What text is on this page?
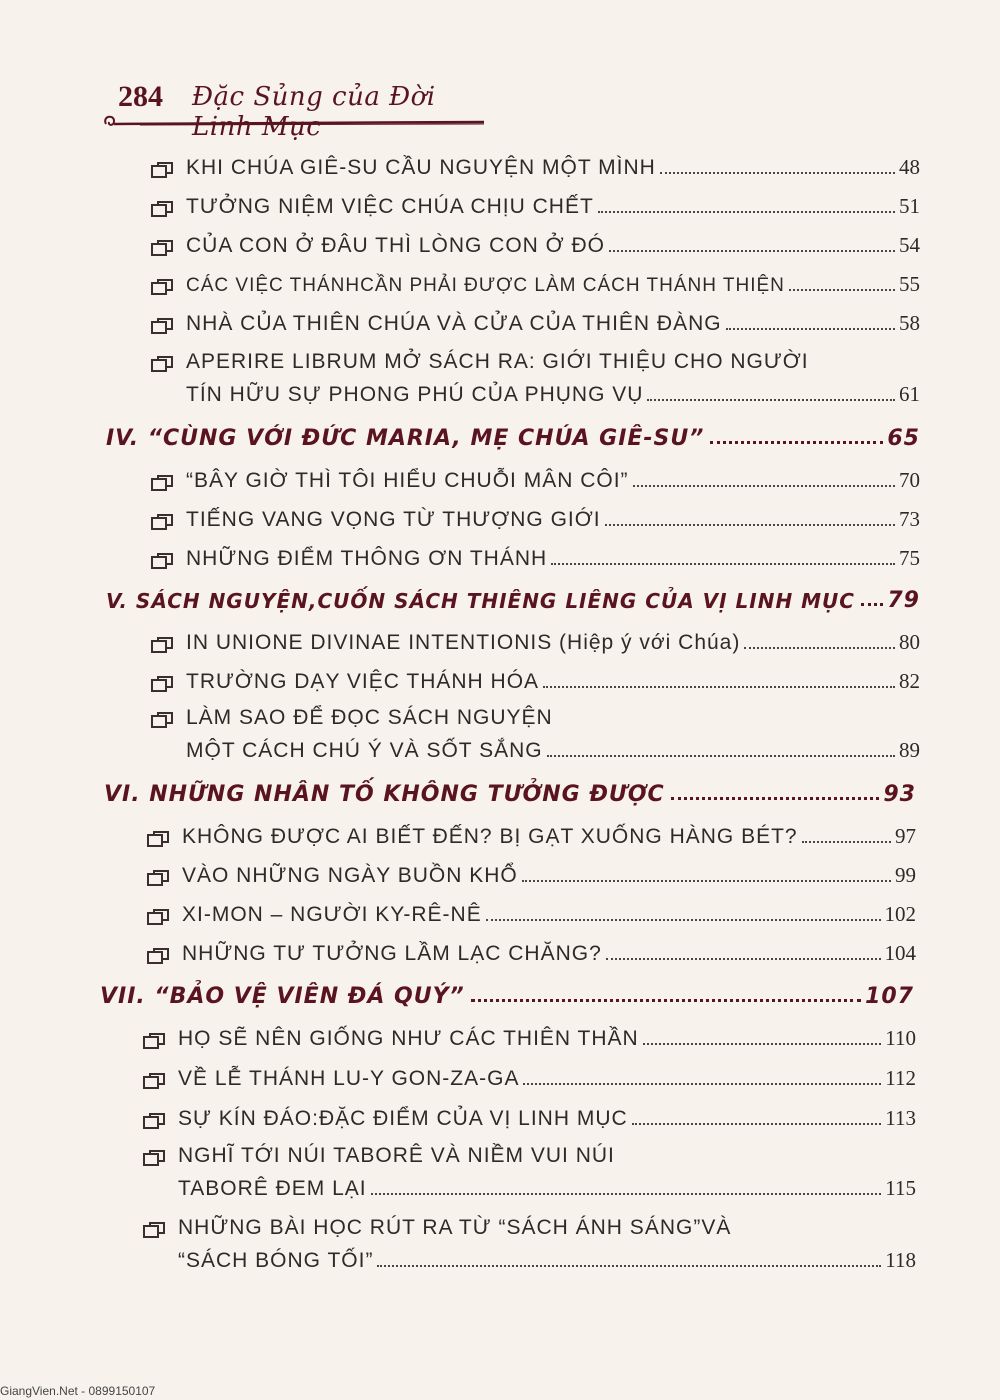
284 Đặc Sủng của Đời Linh Mục
KHI CHÚA GIÊ-SU CẦU NGUYỆN MỘT MÌNH	48
TƯỞNG NIỆM VIỆC CHÚA CHỊU CHẾT	51
CỦA CON Ở ĐÂU THÌ LÒNG CON Ở ĐÓ	54
CÁC VIỆC THÁNHCẦN PHẢI ĐƯỢC LÀM CÁCH THÁNH THIỆN	55
NHÀ CỦA THIÊN CHÚA VÀ CỬA CỦA THIÊN ĐÀNG	58
APERIRE LIBRUM MỞ SÁCH RA: GIỚI THIỆU CHO NGƯỜI
TÍN HỮU SỰ PHONG PHÚ CỦA PHỤNG VỤ	61
IV. “CÙNG VỚI ĐỨC MARIA, MẸ CHÚA GIÊ-SU”	65
“BÂY GIỜ THÌ TÔI HIỂU CHUỖI MÂN CÔI”	70
TIẾNG VANG VỌNG TỪ THƯỢNG GIỚI	73
NHỮNG ĐIỂM THÔNG ƠN THÁNH	75
V. SÁCH NGUYỆN,CUỐN SÁCH THIÊNG LIÊNG CỦA VỊ LINH MỤC 79
IN UNIONE DIVINAE INTENTIONIS (Hiệp ý với Chúa)	80
TRƯỜNG DẠY VIỆC THÁNH HÓA	82
LÀM SAO ĐỂ ĐỌC SÁCH NGUYỆN
MỘT CÁCH CHÚ Ý VÀ SỐT SẮNG	89
VI. NHỮNG NHÂN TỐ KHÔNG TƯỞNG ĐƯỢC	93
KHÔNG ĐƯỢC AI BIẾT ĐẾN? BỊ GẠT XUỐNG HÀNG BÉT?	97
VÀO NHỮNG NGÀY BUỒN KHỔ	99
XI-MON – NGƯỜI KY-RÊ-NÊ	102
NHỮNG TƯ TƯỞNG LẦM LẠC CHĂNG?	104
VII. “BẢO VỆ VIÊN ĐÁ QUÝ”	107
HỌ SẼ NÊN GIỐNG NHƯ CÁC THIÊN THẦN	110
VỀ LỄ THÁNH LU-Y GON-ZA-GA	112
SỰ KÍN ĐÁO:ĐẶC ĐIỂM CỦA VỊ LINH MỤC	113
NGHĨ TỚI NÚI TABORÊ VÀ NIỀM VUI NÚI
TABORÊ ĐEM LẠI	115
NHỮNG BÀI HỌC RÚT RA TỪ “SÁCH ÁNH SÁNG”VÀ
“SÁCH BÓNG TỐI”	118
GiangVien.Net - 0899150107
